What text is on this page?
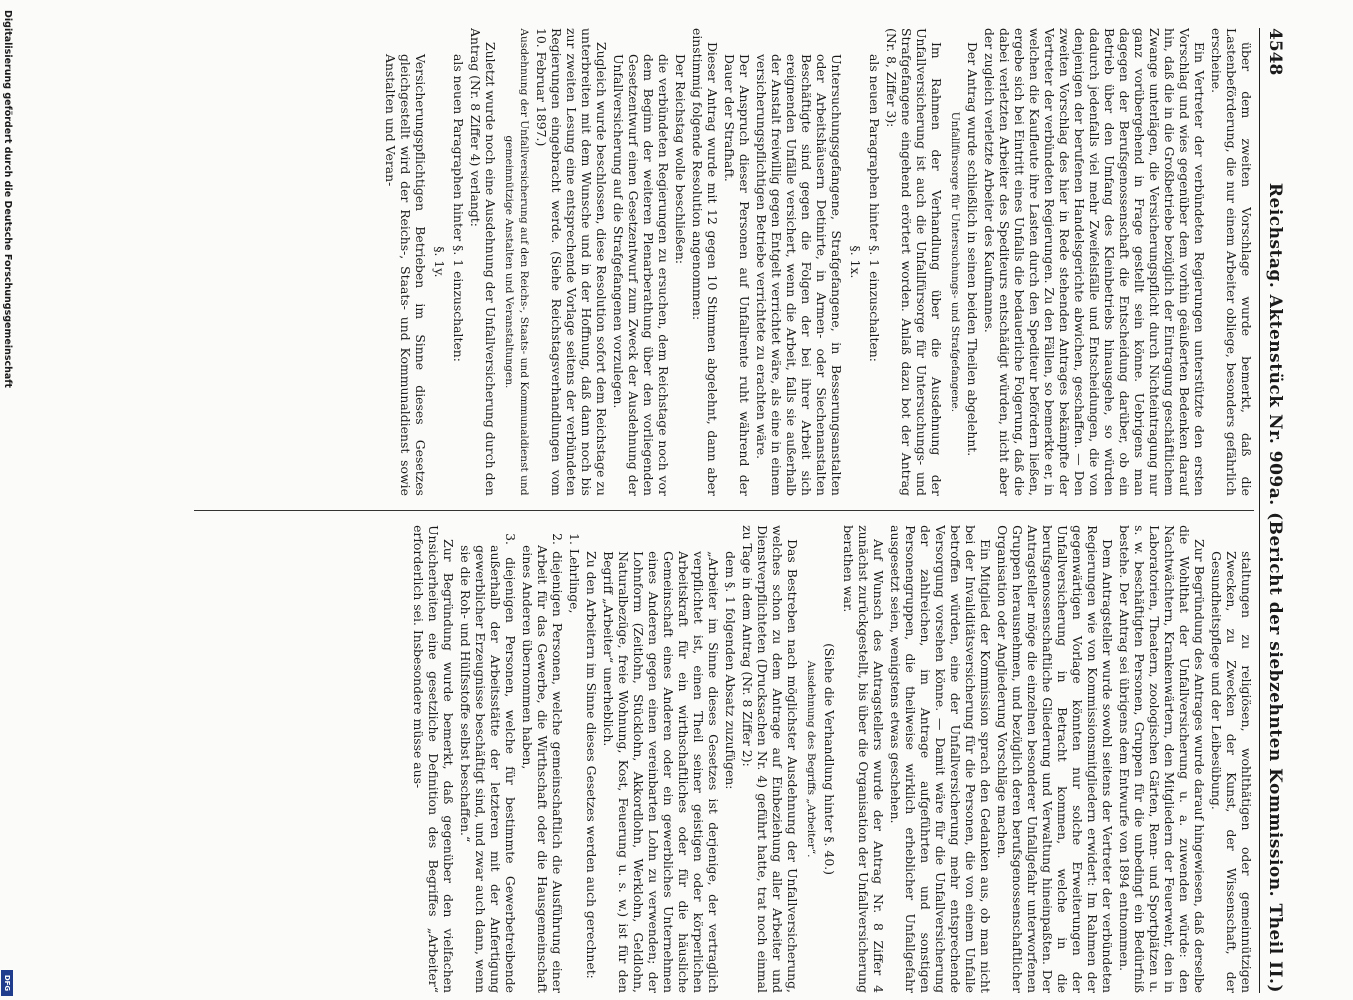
Digitalisierung gefördert durch die Deutsche Forschungsgemeinschaft
DFG
4548
Reichstag. Aktenstück Nr. 909a. (Bericht der siebzehnten Kommission. Theil II.)

über dem zweiten Vorschlage wurde bemerkt, daß die Lastenbeförderung, die nur einem Arbeiter obliege, besonders gefährlich erscheine.

Ein Vertreter der verbündeten Regierungen unterstützte den ersten Vorschlag und wies gegenüber dem vorhin geäußerten Bedenken darauf hin, daß die in die Großbetriebe bezüglich der Eintragung geschäftlichem Zwange unterlägen, die Versicherungspflicht durch Nichteintragung nur ganz vorübergehend in Frage gestellt sein könne. Uebrigens man dagegen der Berufsgenossenschaft die Entscheidung darüber, ob ein Betrieb über den Umfang des Kleinbetriebs hinausgehe, so würden dadurch jedenfalls viel mehr Zweifelsfälle und Entscheidungen, die von denjenigen der berufenen Handelsgerichte abwichen, geschaffen. — Den zweiten Vorschlag des hier in Rede stehenden Antrages bekämpfte der Vertreter der verbündeten Regierungen. Zu den Fällen, so bemerkte er, in welchen die Kaufleute ihre Lasten durch den Spediteur befördern ließen, ergebe sich bei Eintritt eines Unfalls die bedauerliche Folgerung, daß die dabei verletzten Arbeiter des Spediteurs entschädigt würden, nicht aber der zugleich verletzte Arbeiter des Kaufmannes.

Der Antrag wurde schließlich in seinen beiden Theilen abgelehnt.

Unfallfürsorge für Untersuchungs- und Strafgefangene.

Im Rahmen der Verhandlung über die Ausdehnung der Unfallversicherung ist auch die Unfallfürsorge für Untersuchungs- und Strafgefangene eingehend erörtert worden. Anlaß dazu bot der Antrag (Nr. 8, Ziffer 3):

als neuen Paragraphen hinter §. 1 einzuschalten:

§. 1x.

Untersuchungsgefangene, Strafgefangene, in Besserungsanstalten oder Arbeitshäusern Detinirte, in Armen- oder Siechenanstalten Beschäftigte sind gegen die Folgen der bei ihrer Arbeit sich ereignenden Unfälle versichert, wenn die Arbeit, falls sie außerhalb der Anstalt freiwillig gegen Entgelt verrichtet wäre, als eine in einem versicherungspflichtigen Betriebe verrichtete zu erachten wäre.

Der Anspruch dieser Personen auf Unfallrente ruht während der Dauer der Strafhaft.

Dieser Antrag wurde mit 12 gegen 10 Stimmen abgelehnt, dann aber einstimmig folgende Resolution angenommen:

Der Reichstag wolle beschließen:

die verbündeten Regierungen zu ersuchen, dem Reichstage noch vor dem Beginn der weiteren Plenarberathung über den vorliegenden Gesetzentwurf einen Gesetzentwurf zum Zweck der Ausdehnung der Unfallversicherung auf die Strafgefangenen vorzulegen.

Zugleich wurde beschlossen, diese Resolution sofort dem Reichstage zu unterbreiten mit dem Wunsche und in der Hoffnung, daß dann noch bis zur zweiten Lesung eine entsprechende Vorlage seitens der verbündeten Regierungen eingebracht werde. (Siehe Reichstagsverhandlungen vom 10. Februar 1897.)

Ausdehnung der Unfallversicherung auf den Reichs-, Staats- und Kommunaldienst und gemeinnützige Anstalten und Veranstaltungen.

Zuletzt wurde noch eine Ausdehnung der Unfallversicherung durch den Antrag (Nr. 8 Ziffer 4) verlangt:

als neuen Paragraphen hinter §. 1 einzuschalten:

§. 1y.

Versicherungspflichtigen Betrieben im Sinne dieses Gesetzes gleichgestellt wird der Reichs-, Staats- und Kommunaldienst sowie Anstalten und Veran-

staltungen zu religiösen, wohlthätigen oder gemeinnützigen Zwecken, zu Zwecken der Kunst, der Wissenschaft, der Gesundheitspflege und der Leibesübung.

Zur Begründung des Antrages wurde darauf hingewiesen, daß derselbe die Wohlthat der Unfallversicherung u. a. zuwenden würde: den Nachtwächtern, Krankenwärtern, den Mitgliedern der Feuerwehr, den in Laboratorien, Theatern, zoologischen Gärten, Renn- und Sportplätzen u. s. w. beschäftigten Personen, Gruppen für die unbedingt ein Bedürfniß bestehe. Der Antrag sei übrigens dem Entwurfe von 1894 entnommen.

Dem Antragsteller wurde sowohl seitens der Vertreter der verbündeten Regierungen wie von Kommissionsmitgliedern erwidert: Im Rahmen der gegenwärtigen Vorlage könnten nur solche Erweiterungen der Unfallversicherung in Betracht kommen, welche in die berufsgenossenschaftliche Gliederung und Verwaltung hineinpaßten. Der Antragsteller möge die einzelnen besonderer Unfallgefahr unterworfenen Gruppen herausnehmen, und bezüglich deren berufsgenossenschaftlicher Organisation oder Angliederung Vorschläge machen.

Ein Mitglied der Kommission sprach den Gedanken aus, ob man nicht bei der Invaliditätsversicherung für die Personen, die von einem Unfalle betroffen würden, eine der Unfallversicherung mehr entsprechende Versorgung vorsehen könne. — Damit wäre für die Unfallversicherung der zahlreichen, im Antrage aufgeführten und sonstigen Personengruppen, die theilweise wirklich erheblicher Unfallgefahr ausgesetzt seien, wenigstens etwas geschehen.

Auf Wunsch des Antragstellers wurde der Antrag Nr. 8 Ziffer 4 zunächst zurückgestellt, bis über die Organisation der Unfallversicherung berathen war.

(Siehe die Verhandlung hinter §. 40.)

Ausdehnung des Begriffs „Arbeiter“.

Das Bestreben nach möglichster Ausdehnung der Unfallversicherung, welches schon zu dem Antrage auf Einbeziehung aller Arbeiter und Dienstverpflichteten (Drucksachen Nr. 4) geführt hatte, trat noch einmal zu Tage in dem Antrag (Nr. 8 Ziffer 2):

dem §. 1 folgenden Absatz zuzufügen:

„Arbeiter im Sinne dieses Gesetzes ist derjenige, der vertraglich verpflichtet ist, einen Theil seiner geistigen oder körperlichen Arbeitskraft für ein wirthschaftliches oder für die häusliche Gemeinschaft eines Anderen oder ein gewerbliches Unternehmen eines Anderen gegen einen vereinbarten Lohn zu verwenden; der Lohnform (Zeitlohn, Stücklohn, Akkordlohn, Werklohn, Geldlohn, Naturalbezüge, freie Wohnung, Kost, Feuerung u. s. w.) ist für den Begriff „Arbeiter“ unerheblich.

Zu den Arbeitern im Sinne dieses Gesetzes werden auch gerechnet:

1. Lehrlinge,

2. diejenigen Personen, welche gemeinschaftlich die Ausführung einer Arbeit für das Gewerbe, die Wirthschaft oder die Hausgemeinschaft eines Anderen übernommen haben,

3. diejenigen Personen, welche für bestimmte Gewerbetreibende außerhalb der Arbeitsstätte der letzteren mit der Anfertigung gewerblicher Erzeugnisse beschäftigt sind, und zwar auch dann, wenn sie die Roh- und Hülfsstoffe selbst beschaffen.“

Zur Begründung wurde bemerkt, daß gegenüber den vielfachen Unsicherheiten eine gesetzliche Definition des Begriffes „Arbeiter“ erforderlich sei. Insbesondere müsse aus-
